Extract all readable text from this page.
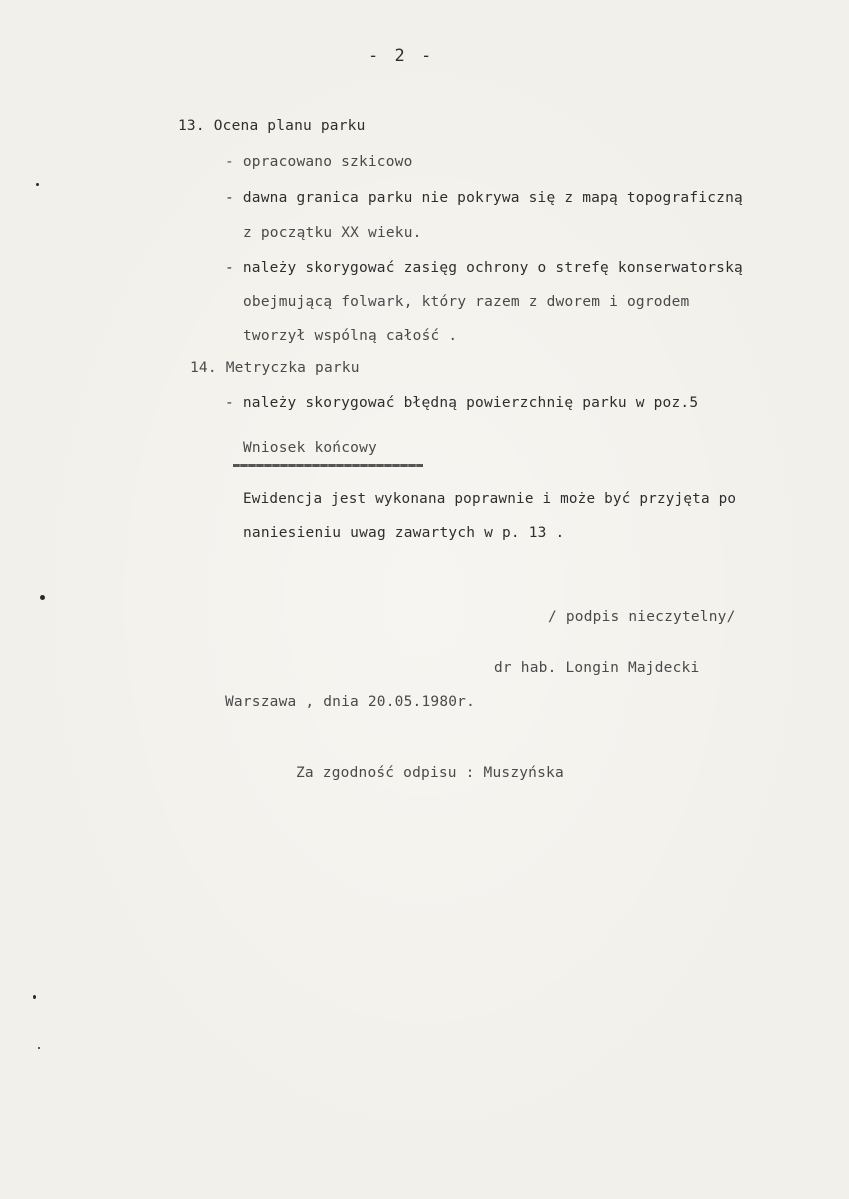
- 2 -
13. Ocena planu parku
- opracowano szkicowo
- dawna granica parku nie pokrywa się z mapą topograficzną
z początku XX wieku.
- należy skorygować zasięg ochrony o strefę konserwatorską
obejmującą folwark, który razem z dworem i ogrodem
tworzył wspólną całość .
14. Metryczka parku
- należy skorygować błędną powierzchnię parku w poz.5
Wniosek końcowy
Ewidencja jest wykonana poprawnie i może być przyjęta po
naniesieniu uwag zawartych w p. 13 .
/ podpis nieczytelny/
dr hab. Longin Majdecki
Warszawa , dnia 20.05.1980r.
Za zgodność odpisu : Muszyńska
